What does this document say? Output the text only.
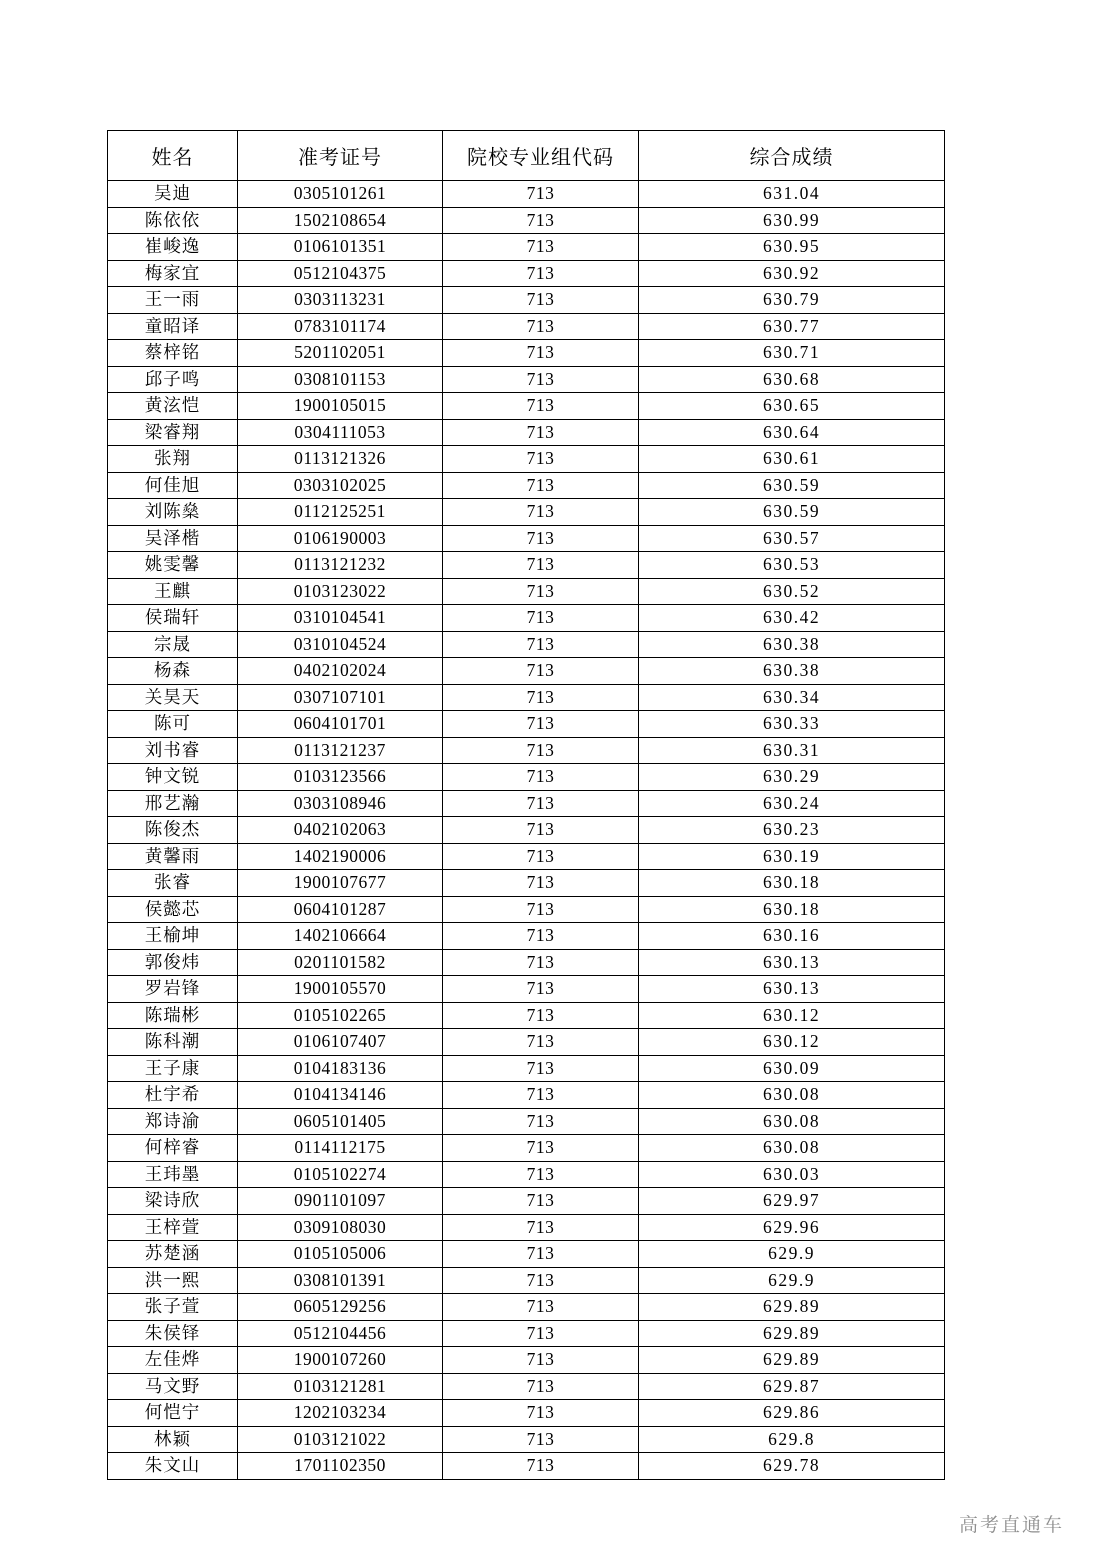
姓名	准考证号	院校专业组代码	综合成绩
吴迪	0305101261	713	631.04
陈依依	1502108654	713	630.99
崔峻逸	0106101351	713	630.95
梅家宜	0512104375	713	630.92
王一雨	0303113231	713	630.79
童昭译	0783101174	713	630.77
蔡梓铭	5201102051	713	630.71
邱子鸣	0308101153	713	630.68
黄泫恺	1900105015	713	630.65
梁睿翔	0304111053	713	630.64
张翔	0113121326	713	630.61
何佳旭	0303102025	713	630.59
刘陈燊	0112125251	713	630.59
吴泽楷	0106190003	713	630.57
姚雯馨	0113121232	713	630.53
王麒	0103123022	713	630.52
侯瑞轩	0310104541	713	630.42
宗晟	0310104524	713	630.38
杨森	0402102024	713	630.38
关昊天	0307107101	713	630.34
陈可	0604101701	713	630.33
刘书睿	0113121237	713	630.31
钟文锐	0103123566	713	630.29
邢艺瀚	0303108946	713	630.24
陈俊杰	0402102063	713	630.23
黄馨雨	1402190006	713	630.19
张睿	1900107677	713	630.18
侯懿芯	0604101287	713	630.18
王榆坤	1402106664	713	630.16
郭俊炜	0201101582	713	630.13
罗岩锋	1900105570	713	630.13
陈瑞彬	0105102265	713	630.12
陈科潮	0106107407	713	630.12
王子康	0104183136	713	630.09
杜宇希	0104134146	713	630.08
郑诗渝	0605101405	713	630.08
何梓睿	0114112175	713	630.08
王玮墨	0105102274	713	630.03
梁诗欣	0901101097	713	629.97
王梓萱	0309108030	713	629.96
苏楚涵	0105105006	713	629.9
洪一熙	0308101391	713	629.9
张子萱	0605129256	713	629.89
朱侯铎	0512104456	713	629.89
左佳烨	1900107260	713	629.89
马文野	0103121281	713	629.87
何恺宁	1202103234	713	629.86
林颖	0103121022	713	629.8
朱文山	1701102350	713	629.78
高考直通车
